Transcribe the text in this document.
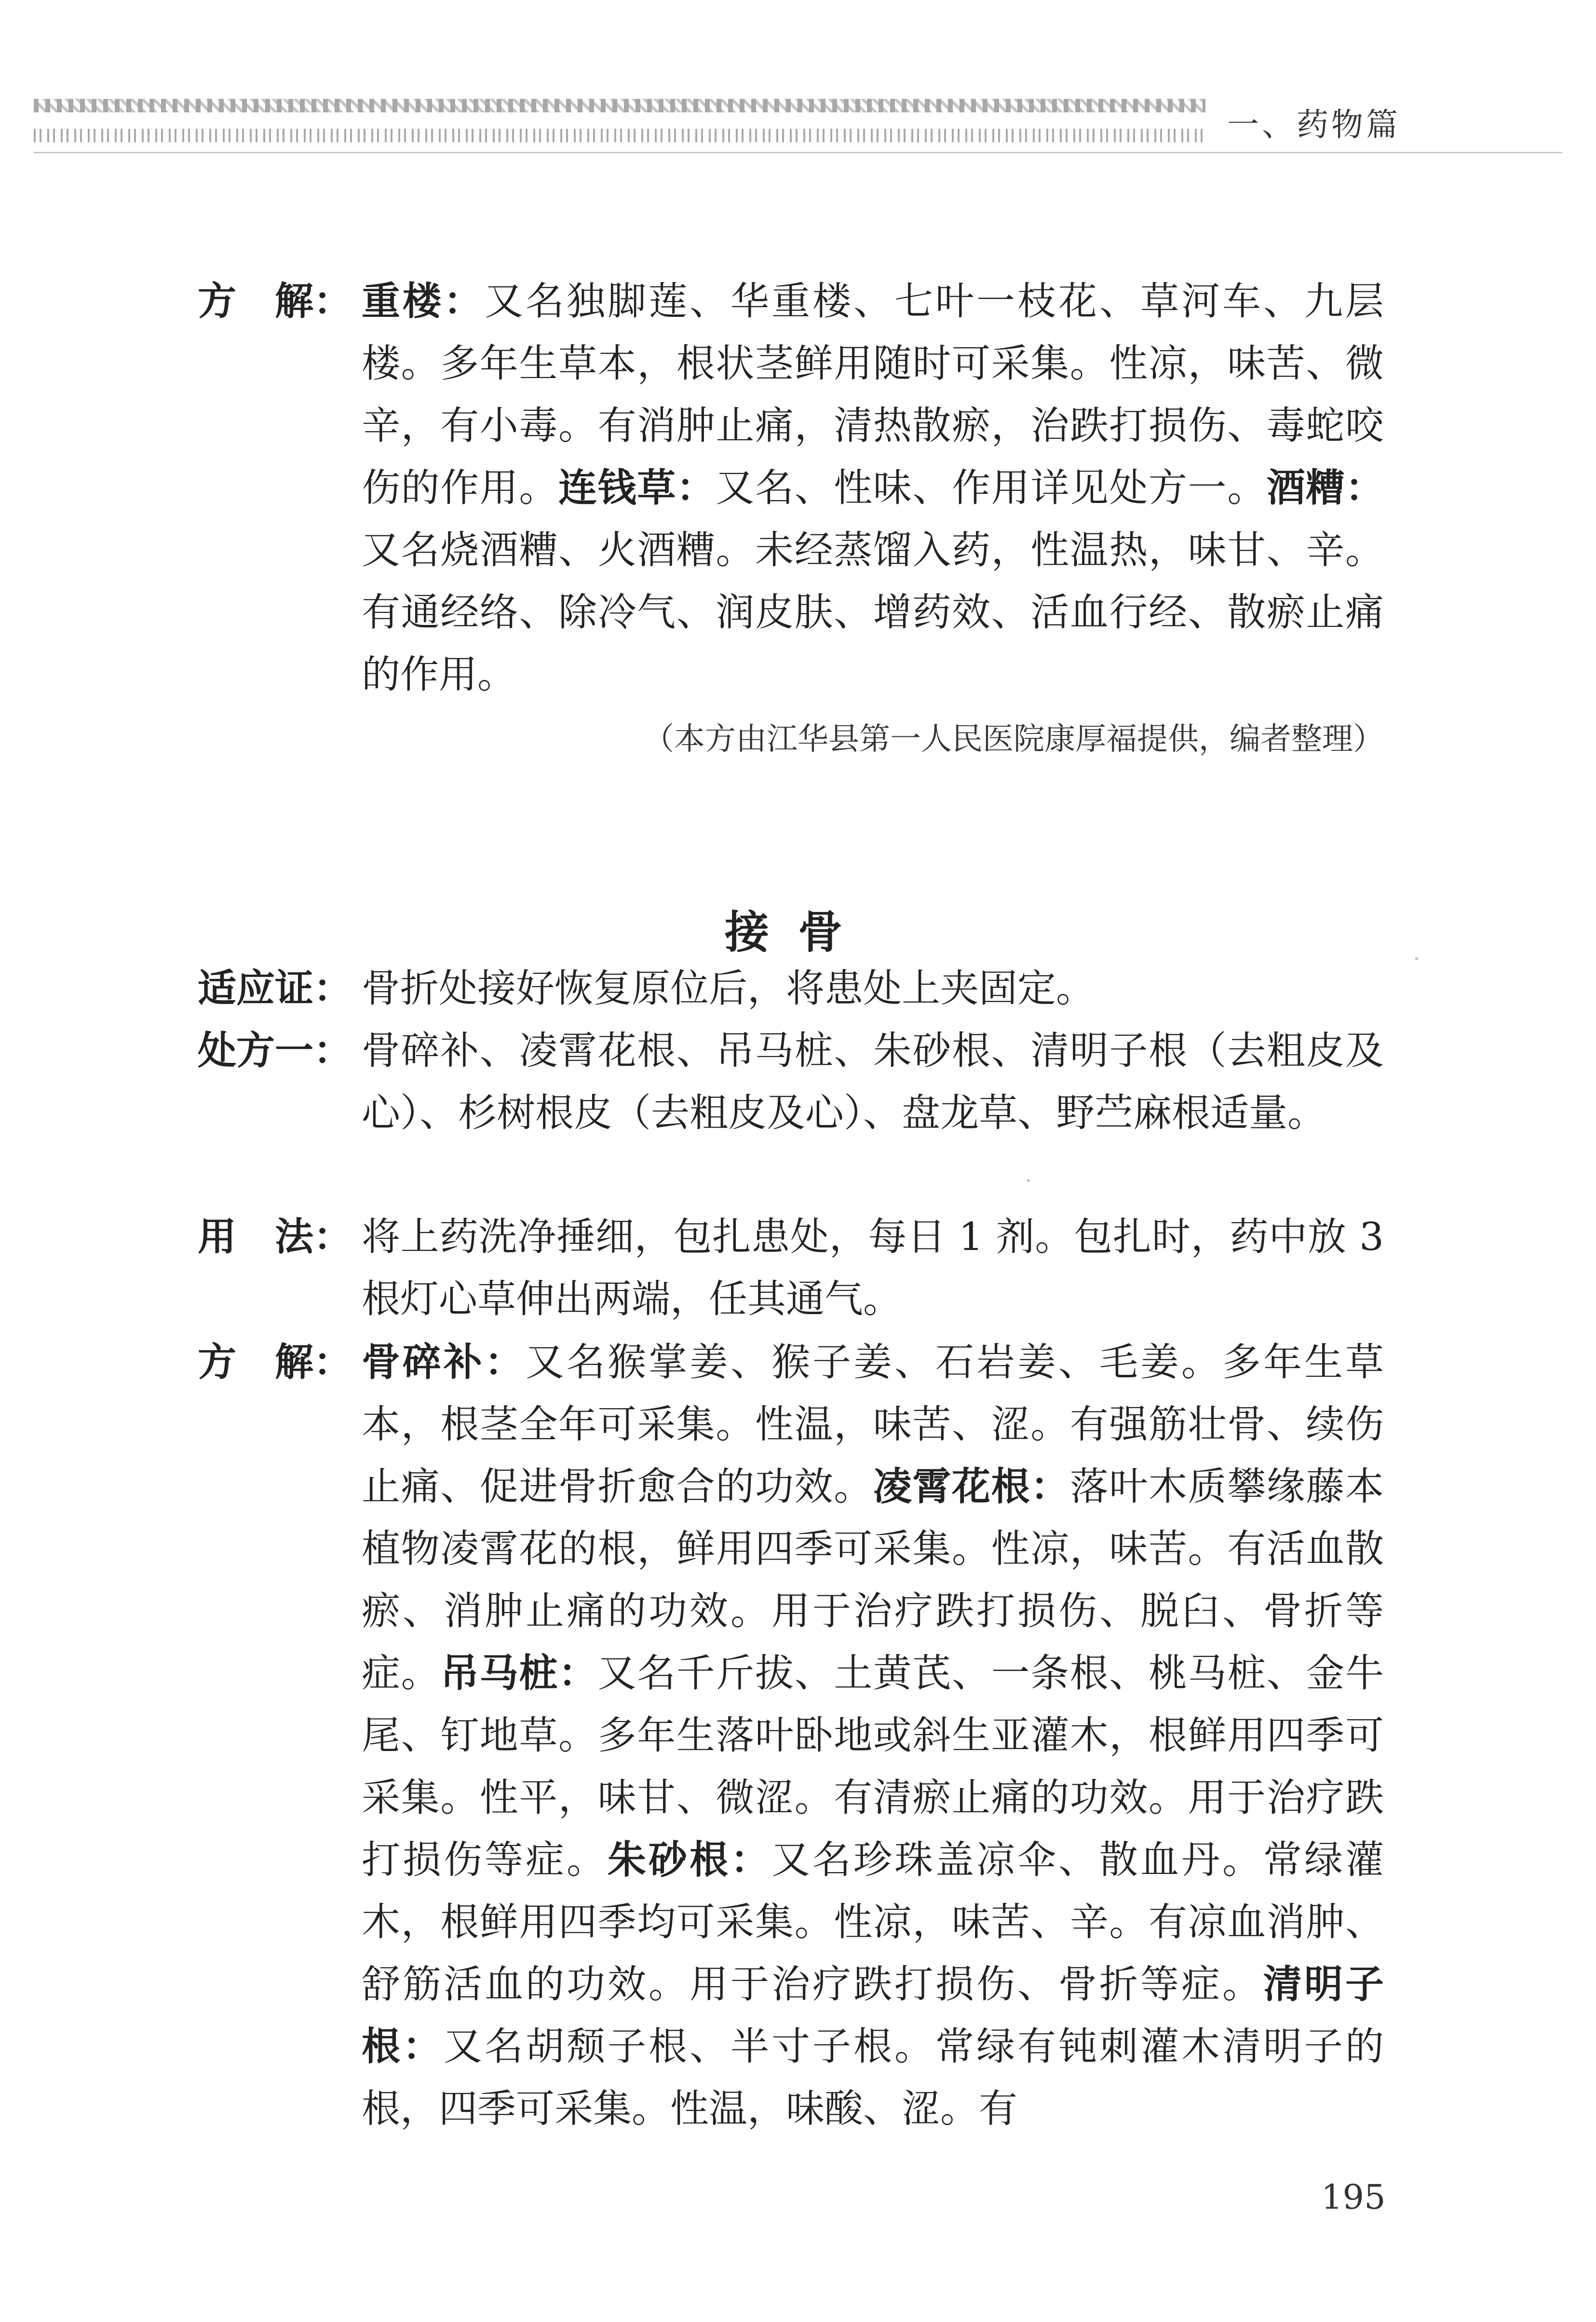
一、药物篇
方　解： 重楼：又名独脚莲、华重楼、七叶一枝花、草河车、九层楼。多年生草本，根状茎鲜用随时可采集。性凉，味苦、微辛，有小毒。有消肿止痛，清热散瘀，治跌打损伤、毒蛇咬伤的作用。连钱草：又名、性味、作用详见处方一。酒糟：又名烧酒糟、火酒糟。未经蒸馏入药，性温热，味甘、辛。有通经络、除冷气、润皮肤、增药效、活血行经、散瘀止痛的作用。
（本方由江华县第一人民医院康厚福提供，编者整理）
接骨
适应证： 骨折处接好恢复原位后，将患处上夹固定。
处方一： 骨碎补、凌霄花根、吊马桩、朱砂根、清明子根（去粗皮及心）、杉树根皮（去粗皮及心）、盘龙草、野苎麻根适量。
用　法： 将上药洗净捶细，包扎患处，每日 1 剂。包扎时，药中放 3 根灯心草伸出两端，任其通气。
方　解： 骨碎补：又名猴掌姜、猴子姜、石岩姜、毛姜。多年生草本，根茎全年可采集。性温，味苦、涩。有强筋壮骨、续伤止痛、促进骨折愈合的功效。凌霄花根：落叶木质攀缘藤本植物凌霄花的根，鲜用四季可采集。性凉，味苦。有活血散瘀、消肿止痛的功效。用于治疗跌打损伤、脱臼、骨折等症。吊马桩：又名千斤拔、土黄芪、一条根、桃马桩、金牛尾、钉地草。多年生落叶卧地或斜生亚灌木，根鲜用四季可采集。性平，味甘、微涩。有清瘀止痛的功效。用于治疗跌打损伤等症。朱砂根：又名珍珠盖凉伞、散血丹。常绿灌木，根鲜用四季均可采集。性凉，味苦、辛。有凉血消肿、舒筋活血的功效。用于治疗跌打损伤、骨折等症。清明子根：又名胡颓子根、半寸子根。常绿有钝刺灌木清明子的根，四季可采集。性温，味酸、涩。有
195
